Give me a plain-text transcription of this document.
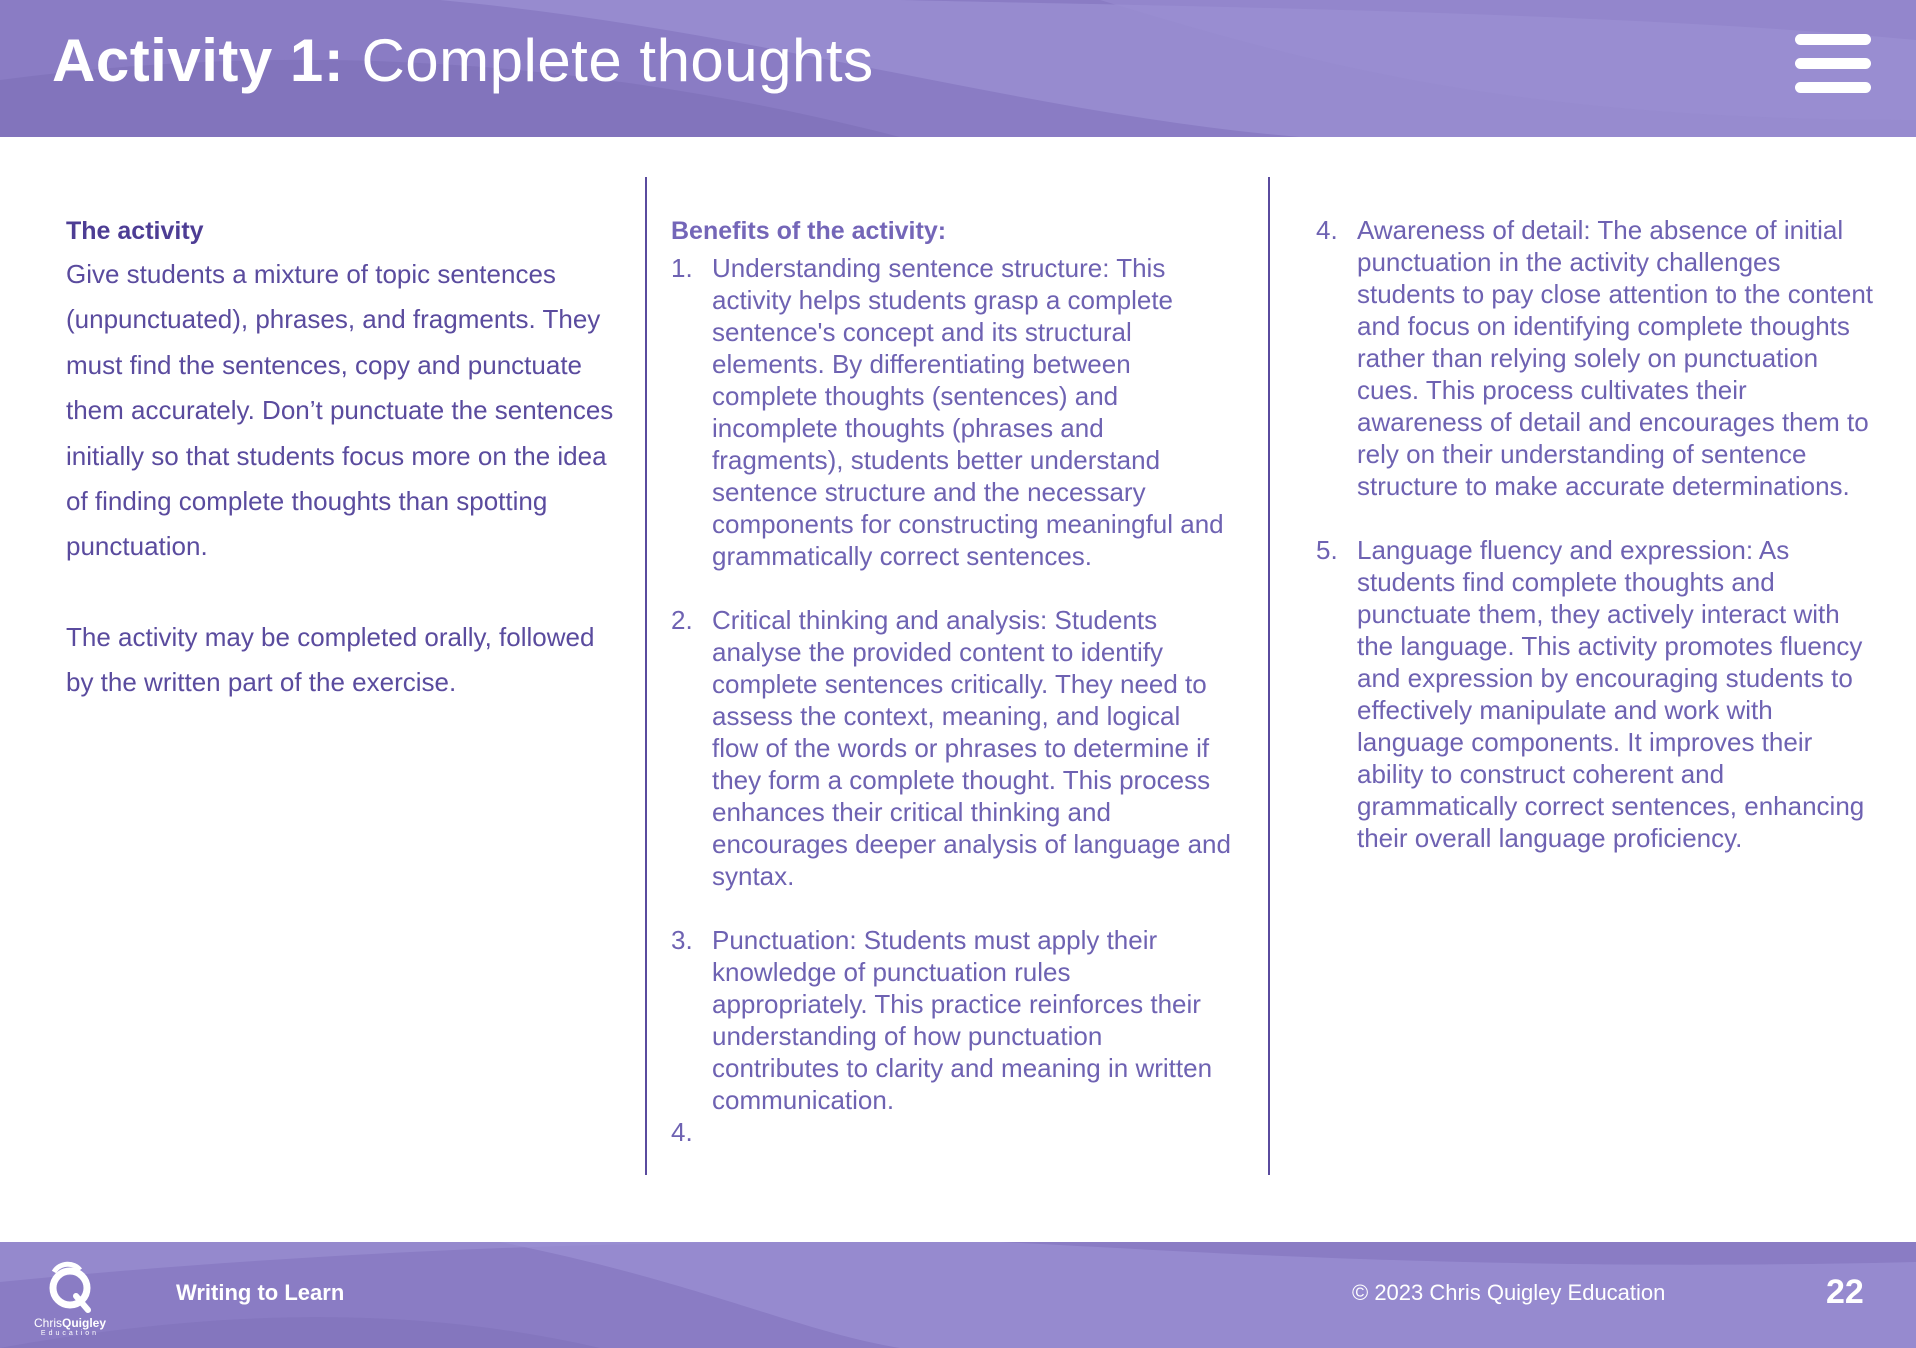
Activity 1: Complete thoughts

The activity

Give students a mixture of topic sentences (unpunctuated), phrases, and fragments. They must find the sentences, copy and punctuate them accurately. Don’t punctuate the sentences initially so that students focus more on the idea of finding complete thoughts than spotting punctuation.

The activity may be completed orally, followed by the written part of the exercise.

Benefits of the activity:

1. Understanding sentence structure: This activity helps students grasp a complete sentence's concept and its structural elements. By differentiating between complete thoughts (sentences) and incomplete thoughts (phrases and fragments), students better understand sentence structure and the necessary components for constructing meaningful and grammatically correct sentences.
2. Critical thinking and analysis: Students analyse the provided content to identify complete sentences critically. They need to assess the context, meaning, and logical flow of the words or phrases to determine if they form a complete thought. This process enhances their critical thinking and encourages deeper analysis of language and syntax.
3. Punctuation: Students must apply their knowledge of punctuation rules appropriately. This practice reinforces their understanding of how punctuation contributes to clarity and meaning in written communication.
4.
4. Awareness of detail: The absence of initial punctuation in the activity challenges students to pay close attention to the content and focus on identifying complete thoughts rather than relying solely on punctuation cues. This process cultivates their awareness of detail and encourages them to rely on their understanding of sentence structure to make accurate determinations.
5. Language fluency and expression: As students find complete thoughts and punctuate them, they actively interact with the language. This activity promotes fluency and expression by encouraging students to effectively manipulate and work with language components. It improves their ability to construct coherent and grammatically correct sentences, enhancing their overall language proficiency.
ChrisQuigley
Education
Writing to Learn	© 2023 Chris Quigley Education	22
